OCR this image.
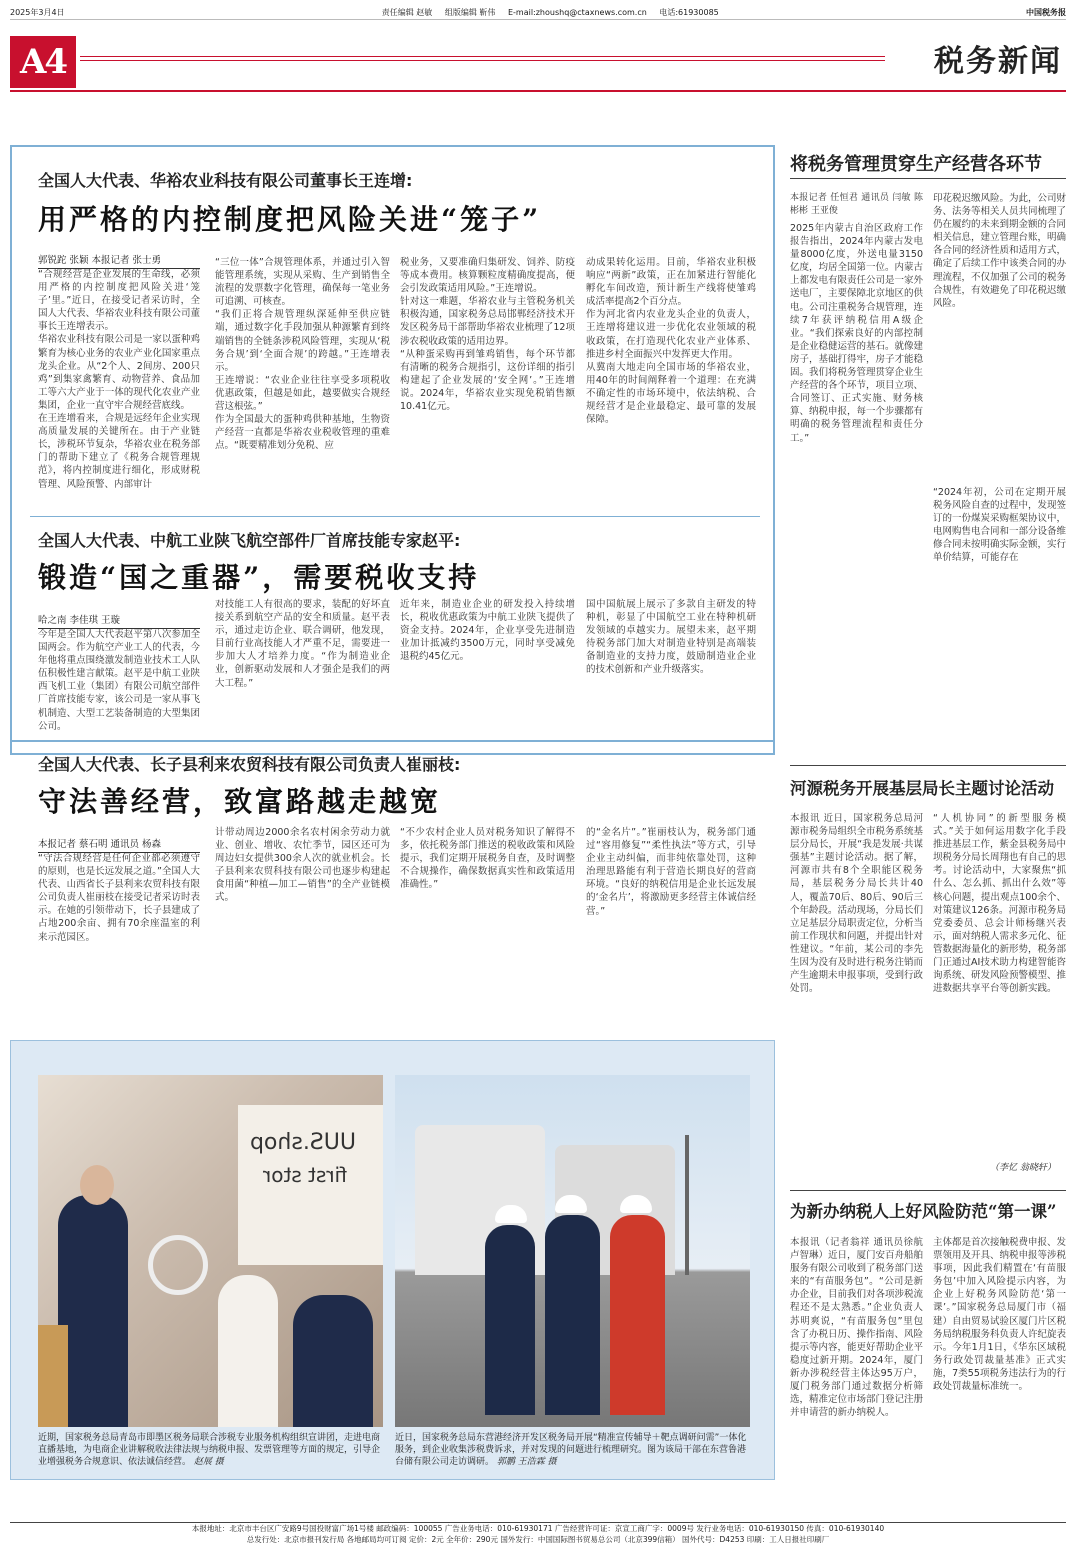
2025年3月4日	责任编辑 赵敏 组版编辑 靳伟 E-mail:zhoushq@ctaxnews.com.cn 电话:61930085	中国税务报
A4	税务新闻
全国人大代表、华裕农业科技有限公司董事长王连增:
用严格的内控制度把风险关进“笼子”
郭锐跎 张颖 本报记者 张士勇
“合规经营是企业发展的生命线，必须用严格的内控制度把风险关进‘笼子’里。”近日，在接受记者采访时，全国人大代表、华裕农业科技有限公司董事长王连增表示。
华裕农业科技有限公司是一家以蛋种鸡繁育为核心业务的农业产业化国家重点龙头企业。从“2个人、2间房、200只鸡”到集家禽繁育、动物营养、食品加工等六大产业于一体的现代化农业产业集团，企业一直守牢合规经营底线。
在王连增看来，合规是远经年企业实现高质量发展的关键所在。由于产业链长，涉税环节复杂，华裕农业在税务部门的帮助下建立了《税务合规管理规范》，将内控制度进行细化，形成财税管理、风险预警、内部审计
“三位一体”合规管理体系，并通过引入智能管理系统，实现从采购、生产到销售全流程的发票数字化管理，确保每一笔业务可追溯、可核查。
“我们正将合规管理纵深延伸至供应链端，通过数字化手段加强从种源繁育到终端销售的全链条涉税风险管理，实现从‘税务合规’到‘全面合规’的跨越。”王连增表示。
王连增说：“农业企业往往享受多项税收优惠政策，但越是如此，越要做实合规经营这根弦。”
作为全国最大的蛋种鸡供种基地，生物资产经营一直都是华裕农业税收管理的重难点。“既要精准划分免税、应
税业务，又要准确归集研发、饲养、防疫等成本费用。核算颗粒度精确度提高，便会引发政策适用风险。”王连增说。
针对这一难题，华裕农业与主管税务机关积极沟通，国家税务总局邯郸经济技术开发区税务局干部帮助华裕农业梳理了12项涉农税收政策的适用边界。
“从种蛋采购再到雏鸡销售，每个环节都有清晰的税务合规指引，这份详细的指引构建起了企业发展的‘安全网’。”王连增说。2024年，华裕农业实现免税销售额10.41亿元。
动成果转化运用。目前，华裕农业积极响应“两新”政策，正在加紧进行智能化孵化车间改造，预计新生产线将使雏鸡成活率提高2个百分点。
作为河北省内农业龙头企业的负责人，王连增将建议进一步优化农业领域的税收政策，在打造现代化农业产业体系、推进乡村全面振兴中发挥更大作用。
从冀南大地走向全国市场的华裕农业，用40年的时间阐释着一个道理：在充满不确定性的市场环境中，依法纳税、合规经营才是企业最稳定、最可靠的发展保障。
全国人大代表、中航工业陕飞航空部件厂首席技能专家赵平:
锻造“国之重器”，需要税收支持
哈之南 李佳琪 王璇
今年是全国人大代表赵平第八次参加全国两会。作为航空产业工人的代表，今年他将重点围绕激发制造业技术工人队伍积极性建言献策。赵平是中航工业陕西飞机工业（集团）有限公司航空部件厂首席技能专家，该公司是一家从事飞机制造、大型工艺装备制造的大型集团公司。
对技能工人有很高的要求，装配的好坏直接关系到航空产品的安全和质量。赵平表示，通过走访企业、联合调研，他发现，目前行业高技能人才严重不足，需要进一步加大人才培养力度。“作为制造业企业，创新驱动发展和人才强企是我们的两大工程。”
近年来，制造业企业的研发投入持续增长，税收优惠政策为中航工业陕飞提供了资金支持。2024年，企业享受先进制造业加计抵减约3500万元，同时享受减免退税约45亿元。
国中国航展上展示了多款自主研发的特种机，彰显了中国航空工业在特种机研发领域的卓越实力。展望未来，赵平期待税务部门加大对制造业特别是高端装备制造业的支持力度，鼓励制造业企业的技术创新和产业升级落实。
全国人大代表、长子县利来农贸科技有限公司负责人崔丽枝:
守法善经营，致富路越走越宽
本报记者 蔡石明 通讯员 杨森
“守法合规经营是任何企业都必须遵守的原则，也是长远发展之道。”全国人大代表、山西省长子县利来农贸科技有限公司负责人崔丽枝在接受记者采访时表示。在她的引领带动下，长子县建成了占地200余亩、拥有70余座温室的利来示范园区。
计带动周边2000余名农村闲余劳动力就业、创业、增收、农忙季节，园区还可为周边妇女提供300余人次的就业机会。长子县利来农贸科技有限公司也逐步构建起食用菌“种植—加工—销售”的全产业链模式。
“不少农村企业人员对税务知识了解得不多，依托税务部门推送的税收政策和风险提示，我们定期开展税务自查，及时调整不合规操作，确保数据真实性和政策适用准确性。”
的“金名片”。”崔丽枝认为，税务部门通过“容用修复”“柔性执法”等方式，引导企业主动纠偏，而非纯依靠处罚，这种治理思路能有利于营造长期良好的营商环境。“良好的纳税信用是企业长远发展的‘金名片’，将激励更多经营主体诚信经营。”
UUS.shop
first stor
近期，国家税务总局青岛市即墨区税务局联合涉税专业服务机构组织宣讲团，走进电商直播基地，为电商企业讲解税收法律法规与纳税申报、发票管理等方面的规定，引导企业增强税务合规意识、依法诚信经营。 赵展 摄
近日，国家税务总局东营港经济开发区税务局开展“精准宣传辅导＋靶点调研问需”一体化服务，到企业收集涉税费诉求，并对发现的问题进行梳理研究。图为该局干部在东营鲁港台储有限公司走访调研。 郭鹏 王浩霖 摄
将税务管理贯穿生产经营各环节
本报记者 任恒君 通讯员 闫敏 陈彬彬 王亚俊
2025年内蒙古自治区政府工作报告指出，2024年内蒙古发电量8000亿度，外送电量3150亿度，均居全国第一位。内蒙古上都发电有限责任公司是一家外送电厂，主要保障北京地区的供电。公司注重税务合规管理，连续7年获评纳税信用A级企业。“我们探索良好的内部控制是企业稳健运营的基石。就像建房子，基础打得牢，房子才能稳固。我们将税务管理贯穿企业生产经营的各个环节，项目立项、合同签订、正式实施、财务核算、纳税申报，每一个步骤都有明确的税务管理流程和责任分工。”
印花税迟缴风险。为此，公司财务、法务等相关人员共同梳理了仍在履约的未来到期金额的合同相关信息，建立管理台账，明确各合同的经济性质和适用方式，确定了后续工作中该类合同的办理流程，不仅加强了公司的税务合规性，有效避免了印花税迟缴风险。
“2024年初，公司在定期开展税务风险自查的过程中，发现签订的一份煤炭采购框架协议中，电网购售电合同和一部分设备维修合同未按明确实际金额，实行单价结算，可能存在
河源税务开展基层局长主题讨论活动
本报讯 近日，国家税务总局河源市税务局组织全市税务系统基层分局长，开展“我是发展·共谋强基”主题讨论活动。据了解，河源市共有8个全职能区税务局，基层税务分局长共计40人，覆盖70后、80后、90后三个年龄段。活动现场，分局长们立足基层分局职责定位，分析当前工作现状和问题，并提出针对性建议。“年前，某公司的李先生因为没有及时进行税务注销而产生逾期未申报事项，受到行政处罚。
“人机协同”的新型服务模式。”关于如何运用数字化手段推进基层工作，紫金县税务局中坝税务分局长周翔也有自己的思考。讨论活动中，大家聚焦“抓什么、怎么抓、抓出什么效”等核心问题，提出观点100余个、对策建议126条。河源市税务局党委委员、总会计师杨继兴表示，面对纳税人需求多元化、征管数据海量化的新形势，税务部门正通过AI技术助力构建智能咨询系统、研发风险预警模型、推进数据共享平台等创新实践。
（李忆 翁晓轩）
为新办纳税人上好风险防范“第一课”
本报讯（记者翁祥 通讯员徐航 卢智琳）近日，厦门安百舟船舶服务有限公司收到了税务部门送来的“有苗服务包”。“公司是新办企业，目前我们对各项涉税流程还不是太熟悉。”企业负责人苏明爽说，“有苗服务包”里包含了办税日历、操作指南、风险提示等内容，能更好帮助企业平稳度过新开期。2024年，厦门新办涉税经营主体达95万户，厦门税务部门通过数据分析筛选，精准定位市场部门登记注册并申请营的新办纳税人。
主体都是首次接触税费申报、发票领用及开具、纳税申报等涉税事项，因此我们精置在‘有苗服务包’中加入风险提示内容，为企业上好税务风险防范‘第一课’。”国家税务总局厦门市（福建）自由贸易试验区厦门片区税务局纳税服务科负责人许纪旋表示。今年1月1日，《华东区域税务行政处罚裁量基准》正式实施，7类55项税务违法行为的行政处罚裁量标准统一。
本报地址：北京市丰台区广安路9号国投财富广场1号楼 邮政编码：100055 广告业务电话：010-61930171 广告经营许可证：京宣工商广字：0009号 发行业务电话：010-61930150 传真：010-61930140
总发行处：北京市报刊发行局 各地邮局均可订阅 定价：2元 全年价：290元 国外发行：中国国际图书贸易总公司（北京399信箱） 国外代号：D4253 印刷：工人日报社印刷厂
